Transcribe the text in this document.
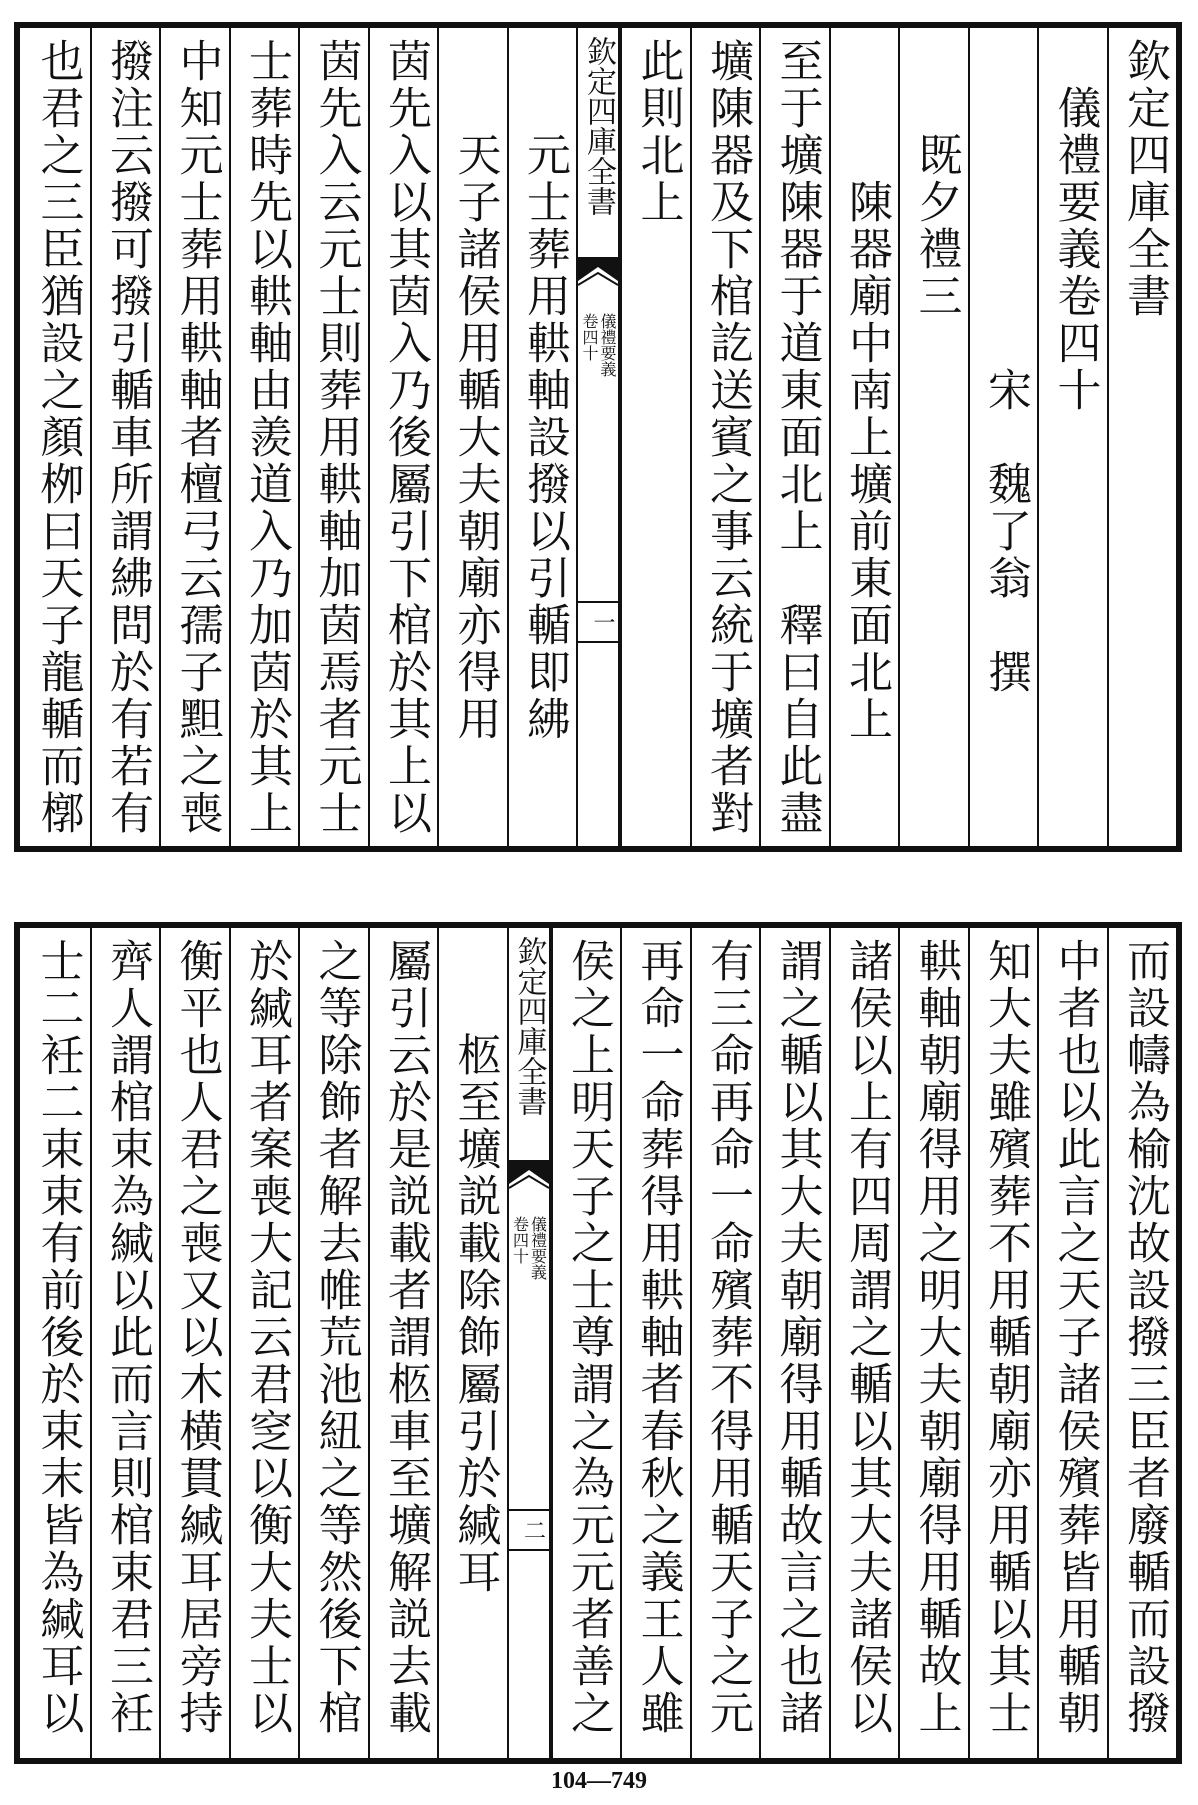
欽定四庫全書
　儀禮要義卷四十
　　　　　　　宋　魏了翁　撰
　　既夕禮三
　　　陳器廟中南上壙前東面北上
至于壙陳器于道東面北上　釋曰自此盡
壙陳器及下棺訖送賓之事云統于壙者對
此則北上
欽定四庫全書
儀禮要義
卷四十
一
　　元士葬用輁軸設撥以引輴即紼
　　天子諸侯用輴大夫朝廟亦得用
茵先入以其茵入乃後屬引下棺於其上以
茵先入云元士則葬用輁軸加茵焉者元士
士葬時先以輁軸由羨道入乃加茵於其上
中知元士葬用輁軸者檀弓云孺子䵣之喪
撥注云撥可撥引輴車所謂紼問於有若有
也君之三臣猶設之顏栁曰天子龍輴而槨
而設幬為榆沈故設撥三臣者廢輴而設撥
中者也以此言之天子諸侯殯葬皆用輴朝
知大夫雖殯葬不用輴朝廟亦用輴以其士
輁軸朝廟得用之明大夫朝廟得用輴故上
諸侯以上有四周謂之輴以其大夫諸侯以
謂之輴以其大夫朝廟得用輴故言之也諸
有三命再命一命殯葬不得用輴天子之元
再命一命葬得用輁軸者春秋之義王人雖
侯之上明天子之士尊謂之為元元者善之
欽定四庫全書
儀禮要義
卷四十
二
　　柩至壙説載除飾屬引於緘耳
屬引云於是説載者謂柩車至壙解説去載
之等除飾者解去帷荒池紐之等然後下棺
於緘耳者案喪大記云君窆以衡大夫士以
衡平也人君之喪又以木横貫緘耳居旁持
齊人謂棺束為緘以此而言則棺束君三衽
士二衽二束束有前後於束末皆為緘耳以
104—749
